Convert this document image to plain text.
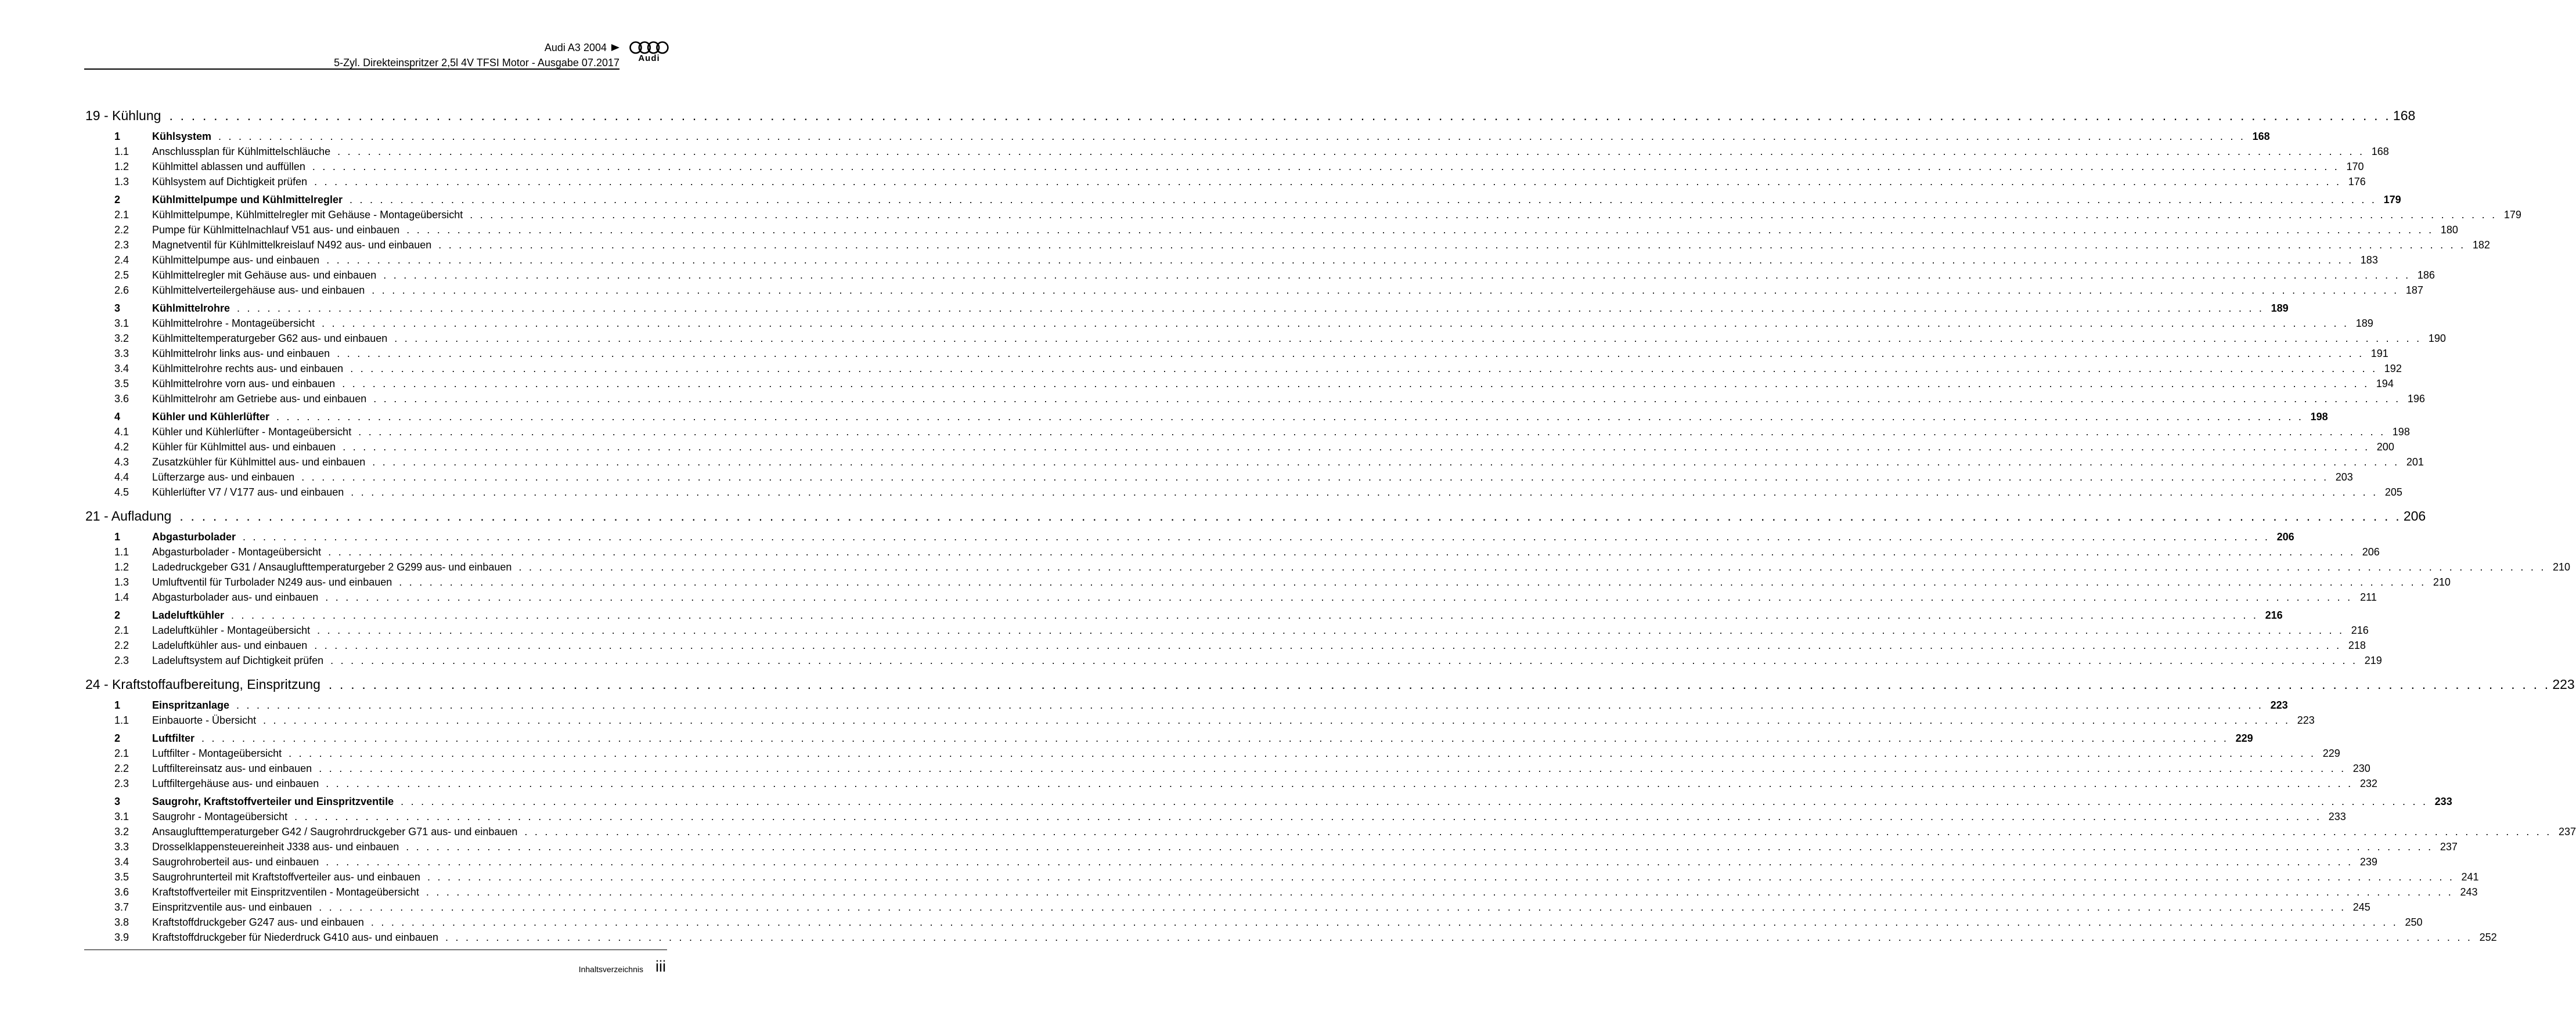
Audi A3 2004
5-Zyl. Direkteinspritzer 2,5l 4V TFSI Motor - Ausgabe 07.2017	Audi
19 - Kühlung . . . . . . . . . . . . . . . . . . . . . . . . . . . . . . . . . . . . . . . . . . . . . . . . . . . . . . . . . . . . . . . . . . . . . . . . . . . . . . . . . . . . . . . . . . . . . . . . . . . . . . . . . . . . . . . . . . . . . . . . . . . . . . . . . . . . . . . . . . . . . . . . . . . . . . . . . . . . . . . . . . . . . . . . . . . . . . . . . . . . . . . . . . . . . . . . . . . . . . . . 168
1	Kühlsystem . . . . . . . . . . . . . . . . . . . . . . . . . . . . . . . . . . . . . . . . . . . . . . . . . . . . . . . . . . . . . . . . . . . . . . . . . . . . . . . . . . . . . . . . . . . . . . . . . . . . . . . . . . . . . . . . . . . . . . . . . . . . . . . . . . . . . . . . . . . . . . . . . . . . . . . . . . . . . . . . . . . . . . . . . . . . . . . . . . . . . . . . . . . . . . . . . . . . . . . . 168
1.1 Anschlussplan für Kühlmittelschläuche . . . . . . . . . . . . . . . . . . . . . . . . . . . . . . . . . . . . . . . . . . . . . . . . . . . . . . . . . . . . . . . . . . . . . . . . . . . . . . . . . . . . . . . . . . . . . . . . . . . . . . . . . . . . . . . . . . . . . . . . . . . . . . . . . . . . . . . . . . . . . . . . . . . . . . . . . . . . . . . . . . . . . . . . . . . . . . . . . . . . . . . . . . . . . . . . . . . . . . . . 168
1.2 Kühlmittel ablassen und auffüllen . . . . . . . . . . . . . . . . . . . . . . . . . . . . . . . . . . . . . . . . . . . . . . . . . . . . . . . . . . . . . . . . . . . . . . . . . . . . . . . . . . . . . . . . . . . . . . . . . . . . . . . . . . . . . . . . . . . . . . . . . . . . . . . . . . . . . . . . . . . . . . . . . . . . . . . . . . . . . . . . . . . . . . . . . . . . . . . . . . . . . . . . . . . . . . . . . . . . . . . . 170
1.3 Kühlsystem auf Dichtigkeit prüfen . . . . . . . . . . . . . . . . . . . . . . . . . . . . . . . . . . . . . . . . . . . . . . . . . . . . . . . . . . . . . . . . . . . . . . . . . . . . . . . . . . . . . . . . . . . . . . . . . . . . . . . . . . . . . . . . . . . . . . . . . . . . . . . . . . . . . . . . . . . . . . . . . . . . . . . . . . . . . . . . . . . . . . . . . . . . . . . . . . . . . . . . . . . . . . . . . . . . . . . . 176
2	Kühlmittelpumpe und Kühlmittelregler . . . . . . . . . . . . . . . . . . . . . . . . . . . . . . . . . . . . . . . . . . . . . . . . . . . . . . . . . . . . . . . . . . . . . . . . . . . . . . . . . . . . . . . . . . . . . . . . . . . . . . . . . . . . . . . . . . . . . . . . . . . . . . . . . . . . . . . . . . . . . . . . . . . . . . . . . . . . . . . . . . . . . . . . . . . . . . . . . . . . . . . . . . . . . . . . . . . . . . . . 179
2.1 Kühlmittelpumpe, Kühlmittelregler mit Gehäuse - Montageübersicht . . . . . . . . . . . . . . . . . . . . . . . . . . . . . . . . . . . . . . . . . . . . . . . . . . . . . . . . . . . . . . . . . . . . . . . . . . . . . . . . . . . . . . . . . . . . . . . . . . . . . . . . . . . . . . . . . . . . . . . . . . . . . . . . . . . . . . . . . . . . . . . . . . . . . . . . . . . . . . . . . . . . . . . . . . . . . . . . . . . . . . . . . . . . . . . . . . . . . . . . 179
2.2 Pumpe für Kühlmittelnachlauf V51 aus- und einbauen . . . . . . . . . . . . . . . . . . . . . . . . . . . . . . . . . . . . . . . . . . . . . . . . . . . . . . . . . . . . . . . . . . . . . . . . . . . . . . . . . . . . . . . . . . . . . . . . . . . . . . . . . . . . . . . . . . . . . . . . . . . . . . . . . . . . . . . . . . . . . . . . . . . . . . . . . . . . . . . . . . . . . . . . . . . . . . . . . . . . . . . . . . . . . . . . . . . . . . . . 180
2.3 Magnetventil für Kühlmittelkreislauf N492 aus- und einbauen . . . . . . . . . . . . . . . . . . . . . . . . . . . . . . . . . . . . . . . . . . . . . . . . . . . . . . . . . . . . . . . . . . . . . . . . . . . . . . . . . . . . . . . . . . . . . . . . . . . . . . . . . . . . . . . . . . . . . . . . . . . . . . . . . . . . . . . . . . . . . . . . . . . . . . . . . . . . . . . . . . . . . . . . . . . . . . . . . . . . . . . . . . . . . . . . . . . . . . . . 182
2.4 Kühlmittelpumpe aus- und einbauen . . . . . . . . . . . . . . . . . . . . . . . . . . . . . . . . . . . . . . . . . . . . . . . . . . . . . . . . . . . . . . . . . . . . . . . . . . . . . . . . . . . . . . . . . . . . . . . . . . . . . . . . . . . . . . . . . . . . . . . . . . . . . . . . . . . . . . . . . . . . . . . . . . . . . . . . . . . . . . . . . . . . . . . . . . . . . . . . . . . . . . . . . . . . . . . . . . . . . . . . 183
2.5 Kühlmittelregler mit Gehäuse aus- und einbauen . . . . . . . . . . . . . . . . . . . . . . . . . . . . . . . . . . . . . . . . . . . . . . . . . . . . . . . . . . . . . . . . . . . . . . . . . . . . . . . . . . . . . . . . . . . . . . . . . . . . . . . . . . . . . . . . . . . . . . . . . . . . . . . . . . . . . . . . . . . . . . . . . . . . . . . . . . . . . . . . . . . . . . . . . . . . . . . . . . . . . . . . . . . . . . . . . . . . . . . . 186
2.6 Kühlmittelverteilergehäuse aus- und einbauen . . . . . . . . . . . . . . . . . . . . . . . . . . . . . . . . . . . . . . . . . . . . . . . . . . . . . . . . . . . . . . . . . . . . . . . . . . . . . . . . . . . . . . . . . . . . . . . . . . . . . . . . . . . . . . . . . . . . . . . . . . . . . . . . . . . . . . . . . . . . . . . . . . . . . . . . . . . . . . . . . . . . . . . . . . . . . . . . . . . . . . . . . . . . . . . . . . . . . . . . 187
3	Kühlmittelrohre . . . . . . . . . . . . . . . . . . . . . . . . . . . . . . . . . . . . . . . . . . . . . . . . . . . . . . . . . . . . . . . . . . . . . . . . . . . . . . . . . . . . . . . . . . . . . . . . . . . . . . . . . . . . . . . . . . . . . . . . . . . . . . . . . . . . . . . . . . . . . . . . . . . . . . . . . . . . . . . . . . . . . . . . . . . . . . . . . . . . . . . . . . . . . . . . . . . . . . . . 189
3.1 Kühlmittelrohre - Montageübersicht . . . . . . . . . . . . . . . . . . . . . . . . . . . . . . . . . . . . . . . . . . . . . . . . . . . . . . . . . . . . . . . . . . . . . . . . . . . . . . . . . . . . . . . . . . . . . . . . . . . . . . . . . . . . . . . . . . . . . . . . . . . . . . . . . . . . . . . . . . . . . . . . . . . . . . . . . . . . . . . . . . . . . . . . . . . . . . . . . . . . . . . . . . . . . . . . . . . . . . . . 189
3.2 Kühlmitteltemperaturgeber G62 aus- und einbauen . . . . . . . . . . . . . . . . . . . . . . . . . . . . . . . . . . . . . . . . . . . . . . . . . . . . . . . . . . . . . . . . . . . . . . . . . . . . . . . . . . . . . . . . . . . . . . . . . . . . . . . . . . . . . . . . . . . . . . . . . . . . . . . . . . . . . . . . . . . . . . . . . . . . . . . . . . . . . . . . . . . . . . . . . . . . . . . . . . . . . . . . . . . . . . . . . . . . . . . . 190
3.3 Kühlmittelrohr links aus- und einbauen . . . . . . . . . . . . . . . . . . . . . . . . . . . . . . . . . . . . . . . . . . . . . . . . . . . . . . . . . . . . . . . . . . . . . . . . . . . . . . . . . . . . . . . . . . . . . . . . . . . . . . . . . . . . . . . . . . . . . . . . . . . . . . . . . . . . . . . . . . . . . . . . . . . . . . . . . . . . . . . . . . . . . . . . . . . . . . . . . . . . . . . . . . . . . . . . . . . . . . . . 191
3.4 Kühlmittelrohre rechts aus- und einbauen . . . . . . . . . . . . . . . . . . . . . . . . . . . . . . . . . . . . . . . . . . . . . . . . . . . . . . . . . . . . . . . . . . . . . . . . . . . . . . . . . . . . . . . . . . . . . . . . . . . . . . . . . . . . . . . . . . . . . . . . . . . . . . . . . . . . . . . . . . . . . . . . . . . . . . . . . . . . . . . . . . . . . . . . . . . . . . . . . . . . . . . . . . . . . . . . . . . . . . . . 192
3.5 Kühlmittelrohre vorn aus- und einbauen . . . . . . . . . . . . . . . . . . . . . . . . . . . . . . . . . . . . . . . . . . . . . . . . . . . . . . . . . . . . . . . . . . . . . . . . . . . . . . . . . . . . . . . . . . . . . . . . . . . . . . . . . . . . . . . . . . . . . . . . . . . . . . . . . . . . . . . . . . . . . . . . . . . . . . . . . . . . . . . . . . . . . . . . . . . . . . . . . . . . . . . . . . . . . . . . . . . . . . . . 194
3.6 Kühlmittelrohr am Getriebe aus- und einbauen . . . . . . . . . . . . . . . . . . . . . . . . . . . . . . . . . . . . . . . . . . . . . . . . . . . . . . . . . . . . . . . . . . . . . . . . . . . . . . . . . . . . . . . . . . . . . . . . . . . . . . . . . . . . . . . . . . . . . . . . . . . . . . . . . . . . . . . . . . . . . . . . . . . . . . . . . . . . . . . . . . . . . . . . . . . . . . . . . . . . . . . . . . . . . . . . . . . . . . . . 196
4	Kühler und Kühlerlüfter . . . . . . . . . . . . . . . . . . . . . . . . . . . . . . . . . . . . . . . . . . . . . . . . . . . . . . . . . . . . . . . . . . . . . . . . . . . . . . . . . . . . . . . . . . . . . . . . . . . . . . . . . . . . . . . . . . . . . . . . . . . . . . . . . . . . . . . . . . . . . . . . . . . . . . . . . . . . . . . . . . . . . . . . . . . . . . . . . . . . . . . . . . . . . . . . . . . . . . . . 198
4.1 Kühler und Kühlerlüfter - Montageübersicht . . . . . . . . . . . . . . . . . . . . . . . . . . . . . . . . . . . . . . . . . . . . . . . . . . . . . . . . . . . . . . . . . . . . . . . . . . . . . . . . . . . . . . . . . . . . . . . . . . . . . . . . . . . . . . . . . . . . . . . . . . . . . . . . . . . . . . . . . . . . . . . . . . . . . . . . . . . . . . . . . . . . . . . . . . . . . . . . . . . . . . . . . . . . . . . . . . . . . . . . 198
4.2 Kühler für Kühlmittel aus- und einbauen . . . . . . . . . . . . . . . . . . . . . . . . . . . . . . . . . . . . . . . . . . . . . . . . . . . . . . . . . . . . . . . . . . . . . . . . . . . . . . . . . . . . . . . . . . . . . . . . . . . . . . . . . . . . . . . . . . . . . . . . . . . . . . . . . . . . . . . . . . . . . . . . . . . . . . . . . . . . . . . . . . . . . . . . . . . . . . . . . . . . . . . . . . . . . . . . . . . . . . . . 200
4.3 Zusatzkühler für Kühlmittel aus- und einbauen . . . . . . . . . . . . . . . . . . . . . . . . . . . . . . . . . . . . . . . . . . . . . . . . . . . . . . . . . . . . . . . . . . . . . . . . . . . . . . . . . . . . . . . . . . . . . . . . . . . . . . . . . . . . . . . . . . . . . . . . . . . . . . . . . . . . . . . . . . . . . . . . . . . . . . . . . . . . . . . . . . . . . . . . . . . . . . . . . . . . . . . . . . . . . . . . . . . . . . . . 201
4.4 Lüfterzarge aus- und einbauen . . . . . . . . . . . . . . . . . . . . . . . . . . . . . . . . . . . . . . . . . . . . . . . . . . . . . . . . . . . . . . . . . . . . . . . . . . . . . . . . . . . . . . . . . . . . . . . . . . . . . . . . . . . . . . . . . . . . . . . . . . . . . . . . . . . . . . . . . . . . . . . . . . . . . . . . . . . . . . . . . . . . . . . . . . . . . . . . . . . . . . . . . . . . . . . . . . . . . . . . 203
4.5 Kühlerlüfter V7 / V177 aus- und einbauen . . . . . . . . . . . . . . . . . . . . . . . . . . . . . . . . . . . . . . . . . . . . . . . . . . . . . . . . . . . . . . . . . . . . . . . . . . . . . . . . . . . . . . . . . . . . . . . . . . . . . . . . . . . . . . . . . . . . . . . . . . . . . . . . . . . . . . . . . . . . . . . . . . . . . . . . . . . . . . . . . . . . . . . . . . . . . . . . . . . . . . . . . . . . . . . . . . . . . . . . 205
21 - Aufladung . . . . . . . . . . . . . . . . . . . . . . . . . . . . . . . . . . . . . . . . . . . . . . . . . . . . . . . . . . . . . . . . . . . . . . . . . . . . . . . . . . . . . . . . . . . . . . . . . . . . . . . . . . . . . . . . . . . . . . . . . . . . . . . . . . . . . . . . . . . . . . . . . . . . . . . . . . . . . . . . . . . . . . . . . . . . . . . . . . . . . . . . . . . . . . . . . . . . . . . . 206
1	Abgasturbolader . . . . . . . . . . . . . . . . . . . . . . . . . . . . . . . . . . . . . . . . . . . . . . . . . . . . . . . . . . . . . . . . . . . . . . . . . . . . . . . . . . . . . . . . . . . . . . . . . . . . . . . . . . . . . . . . . . . . . . . . . . . . . . . . . . . . . . . . . . . . . . . . . . . . . . . . . . . . . . . . . . . . . . . . . . . . . . . . . . . . . . . . . . . . . . . . . . . . . . . . 206
1.1 Abgasturbolader - Montageübersicht . . . . . . . . . . . . . . . . . . . . . . . . . . . . . . . . . . . . . . . . . . . . . . . . . . . . . . . . . . . . . . . . . . . . . . . . . . . . . . . . . . . . . . . . . . . . . . . . . . . . . . . . . . . . . . . . . . . . . . . . . . . . . . . . . . . . . . . . . . . . . . . . . . . . . . . . . . . . . . . . . . . . . . . . . . . . . . . . . . . . . . . . . . . . . . . . . . . . . . . . 206
1.2 Ladedruckgeber G31 / Ansauglufttemperaturgeber 2 G299 aus- und einbauen . . . . . . . . . . . . . . . . . . . . . . . . . . . . . . . . . . . . . . . . . . . . . . . . . . . . . . . . . . . . . . . . . . . . . . . . . . . . . . . . . . . . . . . . . . . . . . . . . . . . . . . . . . . . . . . . . . . . . . . . . . . . . . . . . . . . . . . . . . . . . . . . . . . . . . . . . . . . . . . . . . . . . . . . . . . . . . . . . . . . . . . . . . . . . . . . . . . . . . . . 210
1.3 Umluftventil für Turbolader N249 aus- und einbauen . . . . . . . . . . . . . . . . . . . . . . . . . . . . . . . . . . . . . . . . . . . . . . . . . . . . . . . . . . . . . . . . . . . . . . . . . . . . . . . . . . . . . . . . . . . . . . . . . . . . . . . . . . . . . . . . . . . . . . . . . . . . . . . . . . . . . . . . . . . . . . . . . . . . . . . . . . . . . . . . . . . . . . . . . . . . . . . . . . . . . . . . . . . . . . . . . . . . . . . . 210
1.4 Abgasturbolader aus- und einbauen . . . . . . . . . . . . . . . . . . . . . . . . . . . . . . . . . . . . . . . . . . . . . . . . . . . . . . . . . . . . . . . . . . . . . . . . . . . . . . . . . . . . . . . . . . . . . . . . . . . . . . . . . . . . . . . . . . . . . . . . . . . . . . . . . . . . . . . . . . . . . . . . . . . . . . . . . . . . . . . . . . . . . . . . . . . . . . . . . . . . . . . . . . . . . . . . . . . . . . . . 211
2	Ladeluftkühler . . . . . . . . . . . . . . . . . . . . . . . . . . . . . . . . . . . . . . . . . . . . . . . . . . . . . . . . . . . . . . . . . . . . . . . . . . . . . . . . . . . . . . . . . . . . . . . . . . . . . . . . . . . . . . . . . . . . . . . . . . . . . . . . . . . . . . . . . . . . . . . . . . . . . . . . . . . . . . . . . . . . . . . . . . . . . . . . . . . . . . . . . . . . . . . . . . . . . . . . 216
2.1 Ladeluftkühler - Montageübersicht . . . . . . . . . . . . . . . . . . . . . . . . . . . . . . . . . . . . . . . . . . . . . . . . . . . . . . . . . . . . . . . . . . . . . . . . . . . . . . . . . . . . . . . . . . . . . . . . . . . . . . . . . . . . . . . . . . . . . . . . . . . . . . . . . . . . . . . . . . . . . . . . . . . . . . . . . . . . . . . . . . . . . . . . . . . . . . . . . . . . . . . . . . . . . . . . . . . . . . . . 216
2.2 Ladeluftkühler aus- und einbauen . . . . . . . . . . . . . . . . . . . . . . . . . . . . . . . . . . . . . . . . . . . . . . . . . . . . . . . . . . . . . . . . . . . . . . . . . . . . . . . . . . . . . . . . . . . . . . . . . . . . . . . . . . . . . . . . . . . . . . . . . . . . . . . . . . . . . . . . . . . . . . . . . . . . . . . . . . . . . . . . . . . . . . . . . . . . . . . . . . . . . . . . . . . . . . . . . . . . . . . . 218
2.3 Ladeluftsystem auf Dichtigkeit prüfen . . . . . . . . . . . . . . . . . . . . . . . . . . . . . . . . . . . . . . . . . . . . . . . . . . . . . . . . . . . . . . . . . . . . . . . . . . . . . . . . . . . . . . . . . . . . . . . . . . . . . . . . . . . . . . . . . . . . . . . . . . . . . . . . . . . . . . . . . . . . . . . . . . . . . . . . . . . . . . . . . . . . . . . . . . . . . . . . . . . . . . . . . . . . . . . . . . . . . . . . 219
24 - Kraftstoffaufbereitung, Einspritzung . . . . . . . . . . . . . . . . . . . . . . . . . . . . . . . . . . . . . . . . . . . . . . . . . . . . . . . . . . . . . . . . . . . . . . . . . . . . . . . . . . . . . . . . . . . . . . . . . . . . . . . . . . . . . . . . . . . . . . . . . . . . . . . . . . . . . . . . . . . . . . . . . . . . . . . . . . . . . . . . . . . . . . . . . . . . . . . . . . . . . . . . . . . . . . . . . . . . . . . . 223
1	Einspritzanlage . . . . . . . . . . . . . . . . . . . . . . . . . . . . . . . . . . . . . . . . . . . . . . . . . . . . . . . . . . . . . . . . . . . . . . . . . . . . . . . . . . . . . . . . . . . . . . . . . . . . . . . . . . . . . . . . . . . . . . . . . . . . . . . . . . . . . . . . . . . . . . . . . . . . . . . . . . . . . . . . . . . . . . . . . . . . . . . . . . . . . . . . . . . . . . . . . . . . . . . . 223
1.1 Einbauorte - Übersicht . . . . . . . . . . . . . . . . . . . . . . . . . . . . . . . . . . . . . . . . . . . . . . . . . . . . . . . . . . . . . . . . . . . . . . . . . . . . . . . . . . . . . . . . . . . . . . . . . . . . . . . . . . . . . . . . . . . . . . . . . . . . . . . . . . . . . . . . . . . . . . . . . . . . . . . . . . . . . . . . . . . . . . . . . . . . . . . . . . . . . . . . . . . . . . . . . . . . . . . . 223
2	Luftfilter . . . . . . . . . . . . . . . . . . . . . . . . . . . . . . . . . . . . . . . . . . . . . . . . . . . . . . . . . . . . . . . . . . . . . . . . . . . . . . . . . . . . . . . . . . . . . . . . . . . . . . . . . . . . . . . . . . . . . . . . . . . . . . . . . . . . . . . . . . . . . . . . . . . . . . . . . . . . . . . . . . . . . . . . . . . . . . . . . . . . . . . . . . . . . . . . . . . . . . . . 229
2.1 Luftfilter - Montageübersicht . . . . . . . . . . . . . . . . . . . . . . . . . . . . . . . . . . . . . . . . . . . . . . . . . . . . . . . . . . . . . . . . . . . . . . . . . . . . . . . . . . . . . . . . . . . . . . . . . . . . . . . . . . . . . . . . . . . . . . . . . . . . . . . . . . . . . . . . . . . . . . . . . . . . . . . . . . . . . . . . . . . . . . . . . . . . . . . . . . . . . . . . . . . . . . . . . . . . . . . . 229
2.2 Luftfiltereinsatz aus- und einbauen . . . . . . . . . . . . . . . . . . . . . . . . . . . . . . . . . . . . . . . . . . . . . . . . . . . . . . . . . . . . . . . . . . . . . . . . . . . . . . . . . . . . . . . . . . . . . . . . . . . . . . . . . . . . . . . . . . . . . . . . . . . . . . . . . . . . . . . . . . . . . . . . . . . . . . . . . . . . . . . . . . . . . . . . . . . . . . . . . . . . . . . . . . . . . . . . . . . . . . . . 230
2.3 Luftfiltergehäuse aus- und einbauen . . . . . . . . . . . . . . . . . . . . . . . . . . . . . . . . . . . . . . . . . . . . . . . . . . . . . . . . . . . . . . . . . . . . . . . . . . . . . . . . . . . . . . . . . . . . . . . . . . . . . . . . . . . . . . . . . . . . . . . . . . . . . . . . . . . . . . . . . . . . . . . . . . . . . . . . . . . . . . . . . . . . . . . . . . . . . . . . . . . . . . . . . . . . . . . . . . . . . . . . 232
3	Saugrohr, Kraftstoffverteiler und Einspritzventile . . . . . . . . . . . . . . . . . . . . . . . . . . . . . . . . . . . . . . . . . . . . . . . . . . . . . . . . . . . . . . . . . . . . . . . . . . . . . . . . . . . . . . . . . . . . . . . . . . . . . . . . . . . . . . . . . . . . . . . . . . . . . . . . . . . . . . . . . . . . . . . . . . . . . . . . . . . . . . . . . . . . . . . . . . . . . . . . . . . . . . . . . . . . . . . . . . . . . . . . 233
3.1 Saugrohr - Montageübersicht . . . . . . . . . . . . . . . . . . . . . . . . . . . . . . . . . . . . . . . . . . . . . . . . . . . . . . . . . . . . . . . . . . . . . . . . . . . . . . . . . . . . . . . . . . . . . . . . . . . . . . . . . . . . . . . . . . . . . . . . . . . . . . . . . . . . . . . . . . . . . . . . . . . . . . . . . . . . . . . . . . . . . . . . . . . . . . . . . . . . . . . . . . . . . . . . . . . . . . . . 233
3.2 Ansauglufttemperaturgeber G42 / Saugrohrdruckgeber G71 aus- und einbauen . . . . . . . . . . . . . . . . . . . . . . . . . . . . . . . . . . . . . . . . . . . . . . . . . . . . . . . . . . . . . . . . . . . . . . . . . . . . . . . . . . . . . . . . . . . . . . . . . . . . . . . . . . . . . . . . . . . . . . . . . . . . . . . . . . . . . . . . . . . . . . . . . . . . . . . . . . . . . . . . . . . . . . . . . . . . . . . . . . . . . . . . . . . . . . . . . . . . . . . . 237
3.3 Drosselklappensteuereinheit J338 aus- und einbauen . . . . . . . . . . . . . . . . . . . . . . . . . . . . . . . . . . . . . . . . . . . . . . . . . . . . . . . . . . . . . . . . . . . . . . . . . . . . . . . . . . . . . . . . . . . . . . . . . . . . . . . . . . . . . . . . . . . . . . . . . . . . . . . . . . . . . . . . . . . . . . . . . . . . . . . . . . . . . . . . . . . . . . . . . . . . . . . . . . . . . . . . . . . . . . . . . . . . . . . . 237
3.4 Saugrohroberteil aus- und einbauen . . . . . . . . . . . . . . . . . . . . . . . . . . . . . . . . . . . . . . . . . . . . . . . . . . . . . . . . . . . . . . . . . . . . . . . . . . . . . . . . . . . . . . . . . . . . . . . . . . . . . . . . . . . . . . . . . . . . . . . . . . . . . . . . . . . . . . . . . . . . . . . . . . . . . . . . . . . . . . . . . . . . . . . . . . . . . . . . . . . . . . . . . . . . . . . . . . . . . . . . 239
3.5 Saugrohrunterteil mit Kraftstoffverteiler aus- und einbauen . . . . . . . . . . . . . . . . . . . . . . . . . . . . . . . . . . . . . . . . . . . . . . . . . . . . . . . . . . . . . . . . . . . . . . . . . . . . . . . . . . . . . . . . . . . . . . . . . . . . . . . . . . . . . . . . . . . . . . . . . . . . . . . . . . . . . . . . . . . . . . . . . . . . . . . . . . . . . . . . . . . . . . . . . . . . . . . . . . . . . . . . . . . . . . . . . . . . . . . . 241
3.6 Kraftstoffverteiler mit Einspritzventilen - Montageübersicht . . . . . . . . . . . . . . . . . . . . . . . . . . . . . . . . . . . . . . . . . . . . . . . . . . . . . . . . . . . . . . . . . . . . . . . . . . . . . . . . . . . . . . . . . . . . . . . . . . . . . . . . . . . . . . . . . . . . . . . . . . . . . . . . . . . . . . . . . . . . . . . . . . . . . . . . . . . . . . . . . . . . . . . . . . . . . . . . . . . . . . . . . . . . . . . . . . . . . . . . 243
3.7 Einspritzventile aus- und einbauen . . . . . . . . . . . . . . . . . . . . . . . . . . . . . . . . . . . . . . . . . . . . . . . . . . . . . . . . . . . . . . . . . . . . . . . . . . . . . . . . . . . . . . . . . . . . . . . . . . . . . . . . . . . . . . . . . . . . . . . . . . . . . . . . . . . . . . . . . . . . . . . . . . . . . . . . . . . . . . . . . . . . . . . . . . . . . . . . . . . . . . . . . . . . . . . . . . . . . . . . 245
3.8 Kraftstoffdruckgeber G247 aus- und einbauen . . . . . . . . . . . . . . . . . . . . . . . . . . . . . . . . . . . . . . . . . . . . . . . . . . . . . . . . . . . . . . . . . . . . . . . . . . . . . . . . . . . . . . . . . . . . . . . . . . . . . . . . . . . . . . . . . . . . . . . . . . . . . . . . . . . . . . . . . . . . . . . . . . . . . . . . . . . . . . . . . . . . . . . . . . . . . . . . . . . . . . . . . . . . . . . . . . . . . . . . 250
3.9 Kraftstoffdruckgeber für Niederdruck G410 aus- und einbauen . . . . . . . . . . . . . . . . . . . . . . . . . . . . . . . . . . . . . . . . . . . . . . . . . . . . . . . . . . . . . . . . . . . . . . . . . . . . . . . . . . . . . . . . . . . . . . . . . . . . . . . . . . . . . . . . . . . . . . . . . . . . . . . . . . . . . . . . . . . . . . . . . . . . . . . . . . . . . . . . . . . . . . . . . . . . . . . . . . . . . . . . . . . . . . . . . . . . . . . . 252
Inhaltsverzeichnis iii
